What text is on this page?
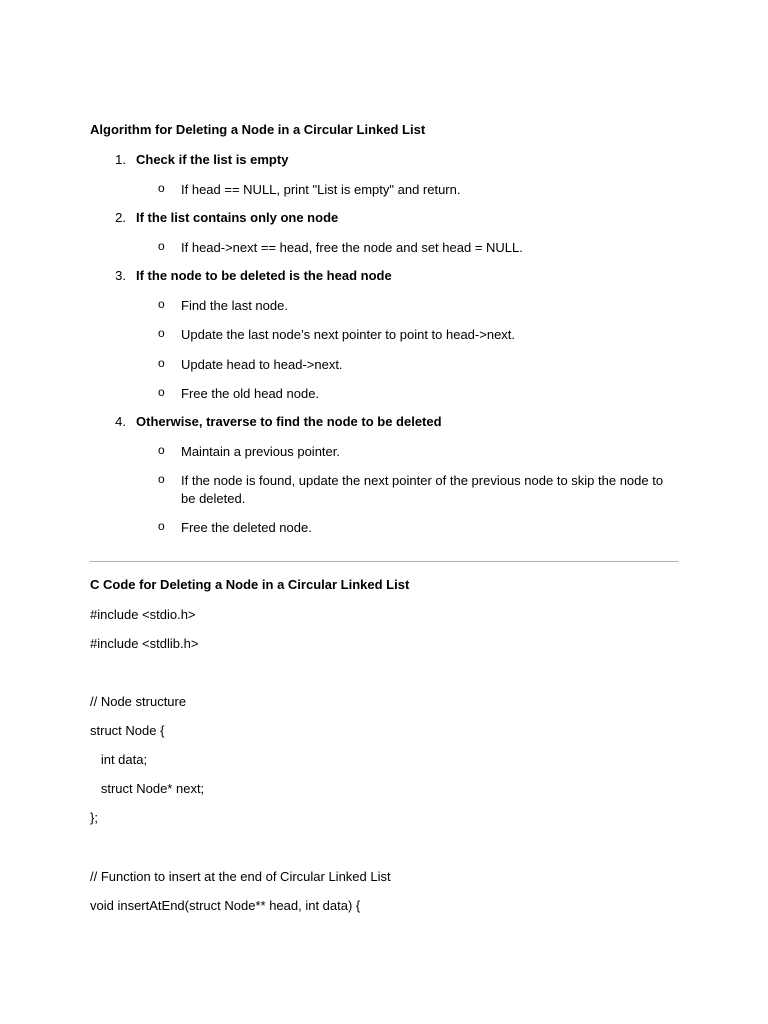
Algorithm for Deleting a Node in a Circular Linked List
1. Check if the list is empty
o If head == NULL, print "List is empty" and return.
2. If the list contains only one node
o If head->next == head, free the node and set head = NULL.
3. If the node to be deleted is the head node
o Find the last node.
o Update the last node’s next pointer to point to head->next.
o Update head to head->next.
o Free the old head node.
4. Otherwise, traverse to find the node to be deleted
o Maintain a previous pointer.
o If the node is found, update the next pointer of the previous node to skip the node to be deleted.
o Free the deleted node.
C Code for Deleting a Node in a Circular Linked List
#include <stdio.h>
#include <stdlib.h>
// Node structure
struct Node {
int data;
struct Node* next;
};
// Function to insert at the end of Circular Linked List
void insertAtEnd(struct Node** head, int data) {
